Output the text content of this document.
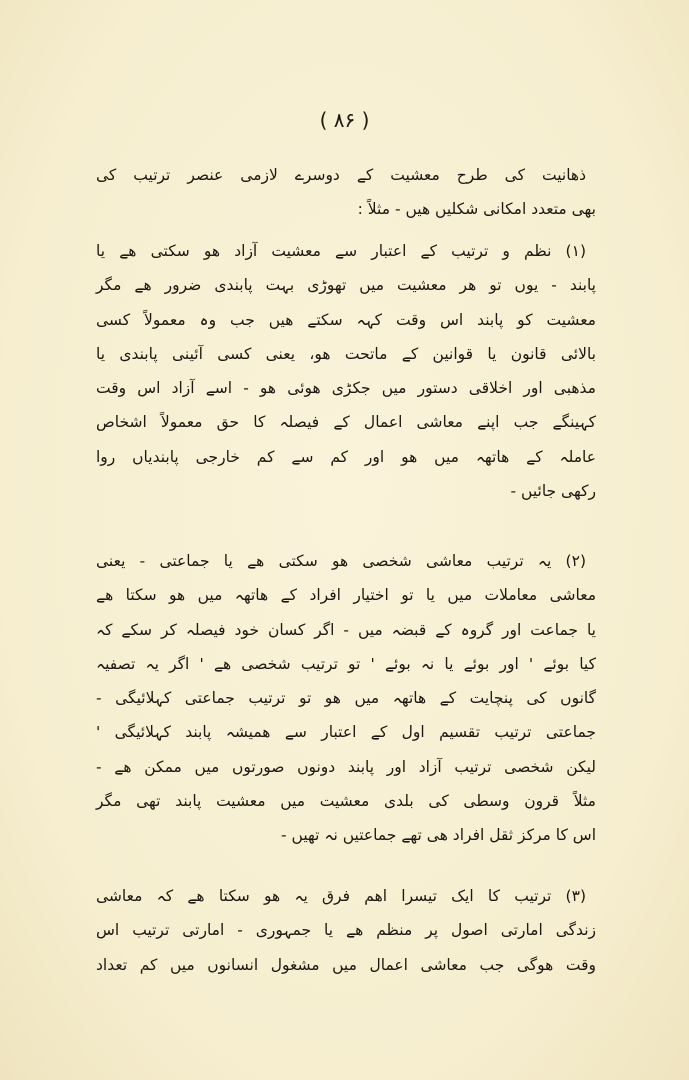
( ۸۶ )
ذهانیت کی طرح معشیت کے دوسرے لازمی عنصر ترتیب کی
بھی متعدد امکانی شکلیں ھیں - مثلاً :
(۱) نظم و ترتیب کے اعتبار سے معشیت آزاد ھو سکتی ھے یا
پابند - یوں تو ھر معشیت میں تھوڑی بہت پابندی ضرور ھے مگر
معشیت کو پابند اس وقت کہہ سکتے ھیں جب وہ معمولاً کسی
بالائی قانون یا قوانین کے ماتحت ھو، یعنی کسی آئینی پابندی یا
مذهبی اور اخلاقی دستور میں جکڑی ھوئی ھو - اسے آزاد اس وقت
کہینگے جب اپنے معاشی اعمال کے فیصلہ کا حق معمولاً اشخاص
عاملہ کے ھاتھہ میں ھو اور کم سے کم خارجی پابندیاں روا
رکھی جائیں -
(۲) یہ ترتیب معاشی شخصی ھو سکتی ھے یا جماعتی - یعنی
معاشی معاملات میں یا تو اختیار افراد کے ھاتھہ میں ھو سکتا ھے
یا جماعت اور گروہ کے قبضہ میں - اگر کسان خود فیصلہ کر سکے کہ
کیا بوئے ' اور بوئے یا نہ بوئے ' تو ترتیب شخصی ھے ' اگر یہ تصفیہ
گانوں کی پنچایت کے ھاتھہ میں ھو تو ترتیب جماعتی کہلائیگی -
جماعتی ترتیب تقسیم اول کے اعتبار سے ھمیشہ پابند کہلائیگی '
لیکن شخصی ترتیب آزاد اور پابند دونوں صورتوں میں ممکن ھے -
مثلاً قرون وسطی کی بلدی معشیت میں معشیت پابند تھی مگر
اس کا مرکز ثقل افراد ھی تھے جماعتیں نہ تھیں -
(۳) ترتیب کا ایک تیسرا اھم فرق یہ ھو سکتا ھے کہ معاشی
زندگی امارتی اصول پر منظم ھے یا جمہوری - امارتی ترتیب اس
وقت ھوگی جب معاشی اعمال میں مشغول انسانوں میں کم تعداد
